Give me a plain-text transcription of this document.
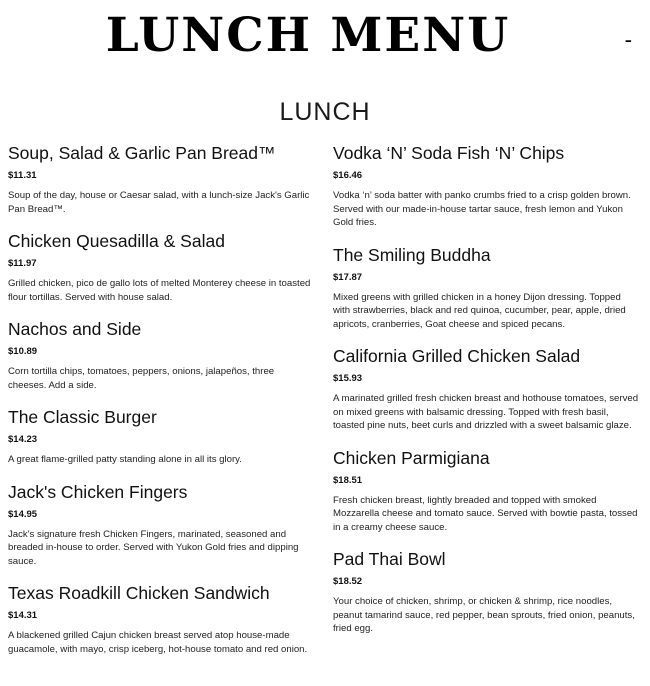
LUNCH MENU	-
LUNCH
Soup, Salad & Garlic Pan Bread™
$11.31
Soup of the day, house or Caesar salad, with a lunch-size Jack's Garlic Pan Bread™.
Chicken Quesadilla & Salad
$11.97
Grilled chicken, pico de gallo lots of melted Monterey cheese in toasted flour tortillas. Served with house salad.
Nachos and Side
$10.89
Corn tortilla chips, tomatoes, peppers, onions, jalapeños, three cheeses. Add a side.
The Classic Burger
$14.23
A great flame-grilled patty standing alone in all its glory.
Jack's Chicken Fingers
$14.95
Jack's signature fresh Chicken Fingers, marinated, seasoned and breaded in-house to order. Served with Yukon Gold fries and dipping sauce.
Texas Roadkill Chicken Sandwich
$14.31
A blackened grilled Cajun chicken breast served atop house-made guacamole, with mayo, crisp iceberg, hot-house tomato and red onion.
Vodka ‘N’ Soda Fish ‘N’ Chips
$16.46
Vodka ‘n’ soda batter with panko crumbs fried to a crisp golden brown. Served with our made-in-house tartar sauce, fresh lemon and Yukon Gold fries.
The Smiling Buddha
$17.87
Mixed greens with grilled chicken in a honey Dijon dressing. Topped with strawberries, black and red quinoa, cucumber, pear, apple, dried apricots, cranberries, Goat cheese and spiced pecans.
California Grilled Chicken Salad
$15.93
A marinated grilled fresh chicken breast and hothouse tomatoes, served on mixed greens with balsamic dressing. Topped with fresh basil, toasted pine nuts, beet curls and drizzled with a sweet balsamic glaze.
Chicken Parmigiana
$18.51
Fresh chicken breast, lightly breaded and topped with smoked Mozzarella cheese and tomato sauce. Served with bowtie pasta, tossed in a creamy cheese sauce.
Pad Thai Bowl
$18.52
Your choice of chicken, shrimp, or chicken & shrimp, rice noodles, peanut tamarind sauce, red pepper, bean sprouts, fried onion, peanuts, fried egg.
